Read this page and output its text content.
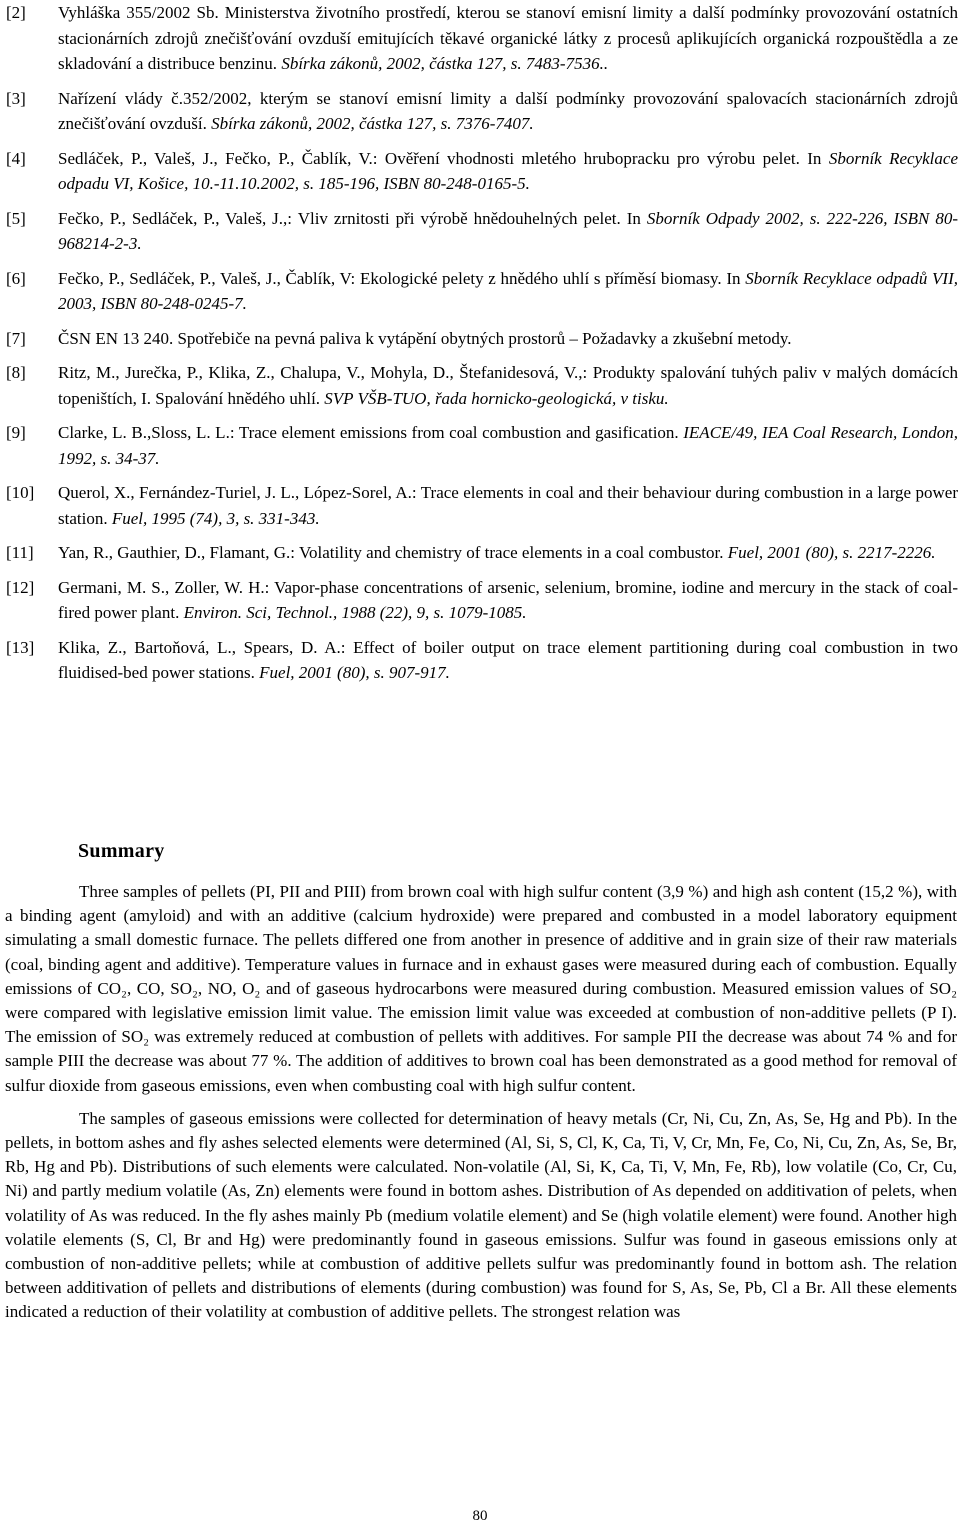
[2]	Vyhláška 355/2002 Sb. Ministerstva životního prostředí, kterou se stanoví emisní limity a další podmínky provozování ostatních stacionárních zdrojů znečišťování ovzduší emitujících těkavé organické látky z procesů aplikujících organická rozpouštědla a ze skladování a distribuce benzinu. Sbírka zákonů, 2002, částka 127, s. 7483-7536..
[3]	Nařízení vlády č.352/2002, kterým se stanoví emisní limity a další podmínky provozování spalovacích stacionárních zdrojů znečišťování ovzduší. Sbírka zákonů, 2002, částka 127, s. 7376-7407.
[4]	Sedláček, P., Valeš, J., Fečko, P., Čablík, V.: Ověření vhodnosti mletého hrubopracku pro výrobu pelet. In Sborník Recyklace odpadu VI, Košice, 10.-11.10.2002, s. 185-196, ISBN 80-248-0165-5.
[5]	Fečko, P., Sedláček, P., Valeš, J.,: Vliv zrnitosti při výrobě hnědouhelných pelet. In Sborník Odpady 2002, s. 222-226, ISBN 80-968214-2-3.
[6]	Fečko, P., Sedláček, P., Valeš, J., Čablík, V: Ekologické pelety z hnědého uhlí s příměsí biomasy. In Sborník Recyklace odpadů VII, 2003, ISBN 80-248-0245-7.
[7]	ČSN EN 13 240. Spotřebiče na pevná paliva k vytápění obytných prostorů – Požadavky a zkušební metody.
[8]	Ritz, M., Jurečka, P., Klika, Z., Chalupa, V., Mohyla, D., Štefanidesová, V.,: Produkty spalování tuhých paliv v malých domácích topeništích, I. Spalování hnědého uhlí. SVP VŠB-TUO, řada hornicko-geologická, v tisku.
[9]	Clarke, L. B.,Sloss, L. L.: Trace element emissions from coal combustion and gasification. IEACE/49, IEA Coal Research, London, 1992, s. 34-37.
[10]	Querol, X., Fernández-Turiel, J. L., López-Sorel, A.: Trace elements in coal and their behaviour during combustion in a large power station. Fuel, 1995 (74), 3, s. 331-343.
[11]	Yan, R., Gauthier, D., Flamant, G.: Volatility and chemistry of trace elements in a coal combustor. Fuel, 2001 (80), s. 2217-2226.
[12]	Germani, M. S., Zoller, W. H.: Vapor-phase concentrations of arsenic, selenium, bromine, iodine and mercury in the stack of coal-fired power plant. Environ. Sci, Technol., 1988 (22), 9, s. 1079-1085.
[13]	Klika, Z., Bartoňová, L., Spears, D. A.: Effect of boiler output on trace element partitioning during coal combustion in two fluidised-bed power stations. Fuel, 2001 (80), s. 907-917.
Summary

Three samples of pellets (PI, PII and PIII) from brown coal with high sulfur content (3,9 %) and high ash content (15,2 %), with a binding agent (amyloid) and with an additive (calcium hydroxide) were prepared and combusted in a model laboratory equipment simulating a small domestic furnace. The pellets differed one from another in presence of additive and in grain size of their raw materials (coal, binding agent and additive). Temperature values in furnace and in exhaust gases were measured during each of combustion. Equally emissions of CO₂, CO, SO₂, NO, O₂ and of gaseous hydrocarbons were measured during combustion. Measured emission values of SO₂ were compared with legislative emission limit value. The emission limit value was exceeded at combustion of non-additive pellets (P I). The emission of SO₂ was extremely reduced at combustion of pellets with additives. For sample PII the decrease was about 74 % and for sample PIII the decrease was about 77 %. The addition of additives to brown coal has been demonstrated as a good method for removal of sulfur dioxide from gaseous emissions, even when combusting coal with high sulfur content.

The samples of gaseous emissions were collected for determination of heavy metals (Cr, Ni, Cu, Zn, As, Se, Hg and Pb). In the pellets, in bottom ashes and fly ashes selected elements were determined (Al, Si, S, Cl, K, Ca, Ti, V, Cr, Mn, Fe, Co, Ni, Cu, Zn, As, Se, Br, Rb, Hg and Pb). Distributions of such elements were calculated. Non-volatile (Al, Si, K, Ca, Ti, V, Mn, Fe, Rb), low volatile (Co, Cr, Cu, Ni) and partly medium volatile (As, Zn) elements were found in bottom ashes. Distribution of As depended on additivation of pelets, when volatility of As was reduced. In the fly ashes mainly Pb (medium volatile element) and Se (high volatile element) were found. Another high volatile elements (S, Cl, Br and Hg) were predominantly found in gaseous emissions. Sulfur was found in gaseous emissions only at combustion of non-additive pellets; while at combustion of additive pellets sulfur was predominantly found in bottom ash. The relation between additivation of pellets and distributions of elements (during combustion) was found for S, As, Se, Pb, Cl a Br. All these elements indicated a reduction of their volatility at combustion of additive pellets. The strongest relation was

80
